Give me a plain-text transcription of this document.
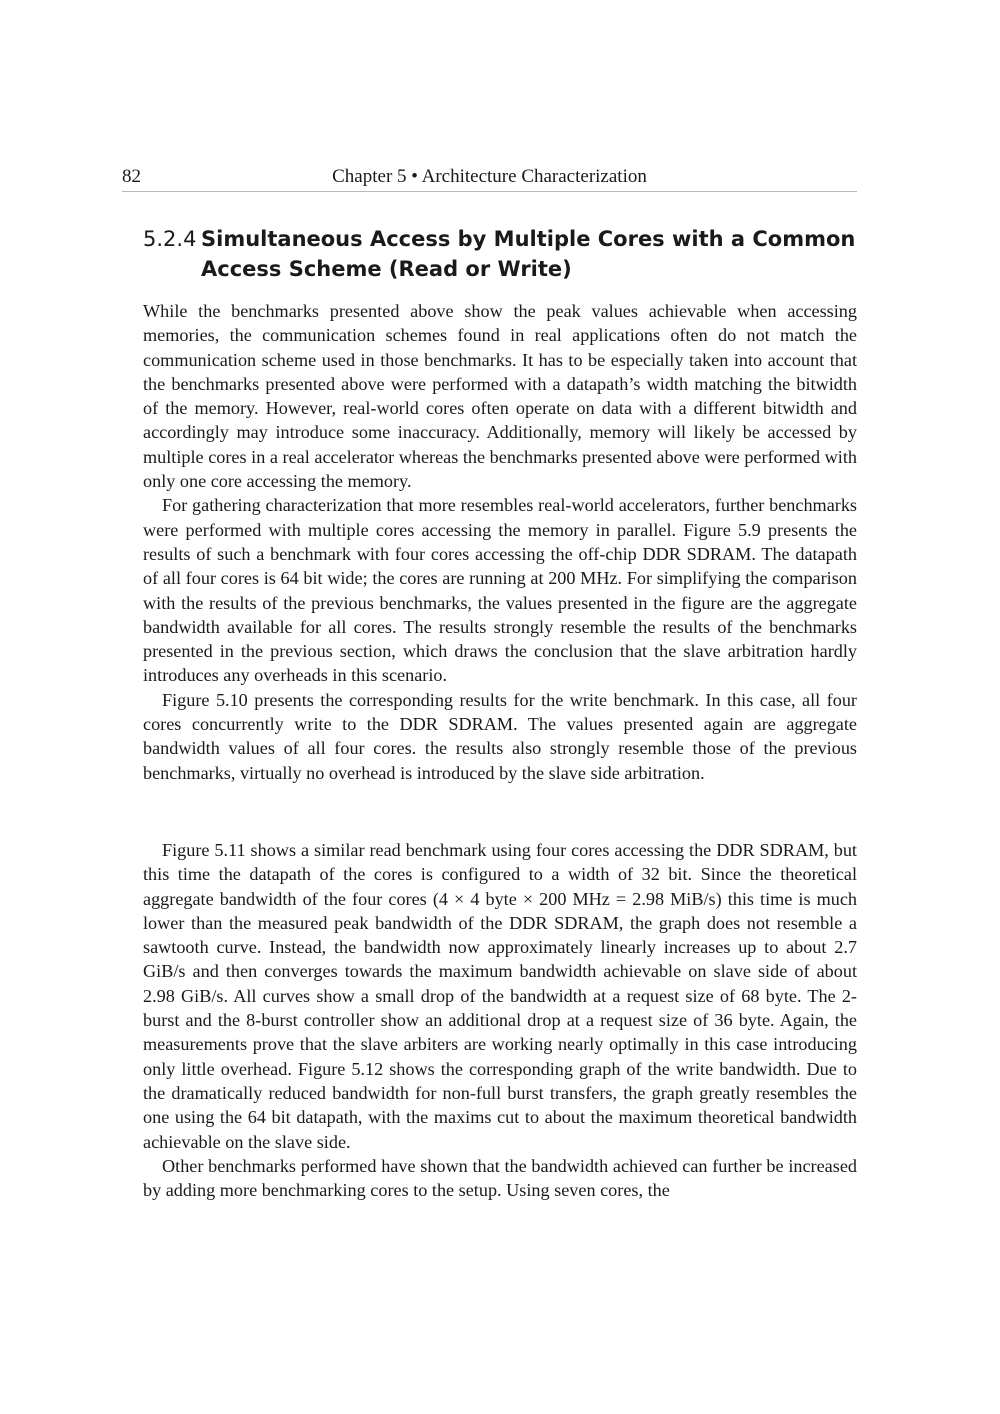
82	Chapter 5 • Architecture Characterization
5.2.4 Simultaneous Access by Multiple Cores with a Common Access Scheme (Read or Write)

While the benchmarks presented above show the peak values achievable when accessing memories, the communication schemes found in real applications often do not match the communication scheme used in those benchmarks. It has to be especially taken into account that the benchmarks presented above were performed with a datapath’s width matching the bitwidth of the memory. However, real-world cores often operate on data with a different bitwidth and accordingly may introduce some inaccuracy. Additionally, memory will likely be accessed by multiple cores in a real accelerator whereas the benchmarks presented above were performed with only one core accessing the memory.

For gathering characterization that more resembles real-world accelerators, further benchmarks were performed with multiple cores accessing the memory in parallel. Figure 5.9 presents the results of such a benchmark with four cores accessing the off-chip DDR SDRAM. The datapath of all four cores is 64 bit wide; the cores are running at 200 MHz. For simplifying the comparison with the results of the previous benchmarks, the values presented in the figure are the aggregate bandwidth available for all cores. The results strongly resemble the results of the benchmarks presented in the previous section, which draws the conclusion that the slave arbitration hardly introduces any overheads in this scenario.

Figure 5.10 presents the corresponding results for the write benchmark. In this case, all four cores concurrently write to the DDR SDRAM. The values presented again are aggregate bandwidth values of all four cores. the results also strongly resemble those of the previous benchmarks, virtually no overhead is introduced by the slave side arbitration.

Figure 5.11 shows a similar read benchmark using four cores accessing the DDR SDRAM, but this time the datapath of the cores is configured to a width of 32 bit. Since the theoretical aggregate bandwidth of the four cores (4 × 4 byte × 200 MHz = 2.98 MiB/s) this time is much lower than the measured peak bandwidth of the DDR SDRAM, the graph does not resemble a sawtooth curve. Instead, the bandwidth now approximately linearly increases up to about 2.7 GiB/s and then converges towards the maximum bandwidth achievable on slave side of about 2.98 GiB/s. All curves show a small drop of the bandwidth at a request size of 68 byte. The 2-burst and the 8-burst controller show an additional drop at a request size of 36 byte. Again, the measurements prove that the slave arbiters are working nearly optimally in this case introducing only little overhead. Figure 5.12 shows the corresponding graph of the write bandwidth. Due to the dramatically reduced bandwidth for non-full burst transfers, the graph greatly resembles the one using the 64 bit datapath, with the maxims cut to about the maximum theoretical bandwidth achievable on the slave side.

Other benchmarks performed have shown that the bandwidth achieved can further be increased by adding more benchmarking cores to the setup. Using seven cores, the
